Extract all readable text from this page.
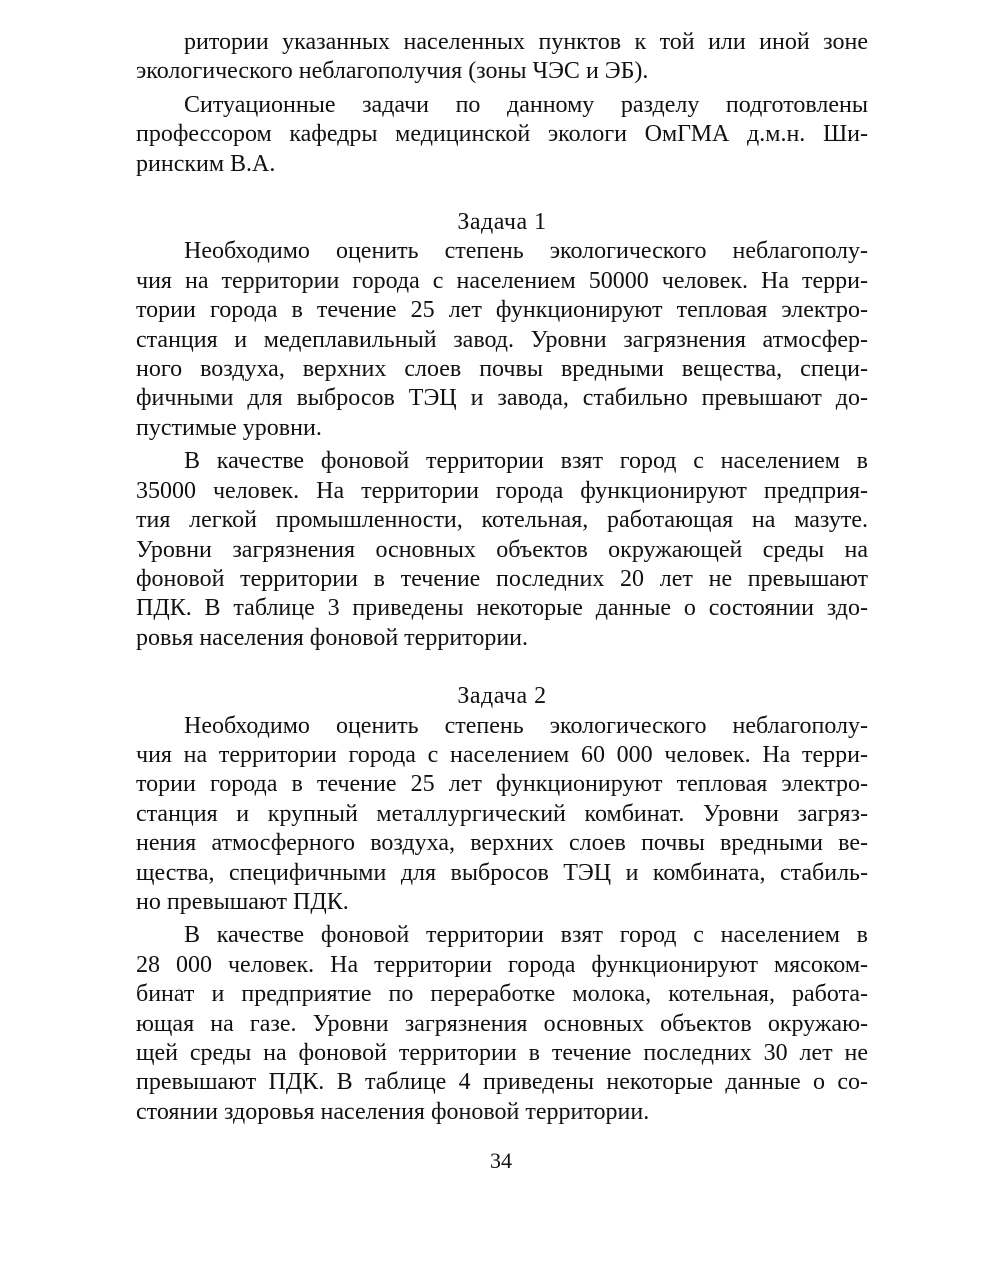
ритории указанных населенных пунктов к той или иной зоне
экологического неблагополучия (зоны ЧЭС и ЭБ).
Ситуационные задачи по данному разделу подготовлены
профессором кафедры медицинской экологи ОмГМА д.м.н. Ши-
ринским В.А.
Задача 1
Необходимо оценить степень экологического неблагополу-
чия на территории города с населением 50000 человек. На терри-
тории города в течение 25 лет функционируют тепловая электро-
станция и медеплавильный завод. Уровни загрязнения атмосфер-
ного воздуха, верхних слоев почвы вредными вещества, специ-
фичными для выбросов ТЭЦ и завода, стабильно превышают до-
пустимые уровни.
В качестве фоновой территории взят город с населением в
35000 человек. На территории города функционируют предприя-
тия легкой промышленности, котельная, работающая на мазуте.
Уровни загрязнения основных объектов окружающей среды на
фоновой территории в течение последних 20 лет не превышают
ПДК. В таблице 3 приведены некоторые данные о состоянии здо-
ровья населения фоновой территории.
Задача 2
Необходимо оценить степень экологического неблагополу-
чия на территории города с населением 60 000 человек. На терри-
тории города в течение 25 лет функционируют тепловая электро-
станция и крупный металлургический комбинат. Уровни загряз-
нения атмосферного воздуха, верхних слоев почвы вредными ве-
щества, специфичными для выбросов ТЭЦ и комбината, стабиль-
но превышают ПДК.
В качестве фоновой территории взят город с населением в
28 000 человек. На территории города функционируют мясоком-
бинат и предприятие по переработке молока, котельная, работа-
ющая на газе. Уровни загрязнения основных объектов окружаю-
щей среды на фоновой территории в течение последних 30 лет не
превышают ПДК. В таблице 4 приведены некоторые данные о со-
стоянии здоровья населения фоновой территории.
34
